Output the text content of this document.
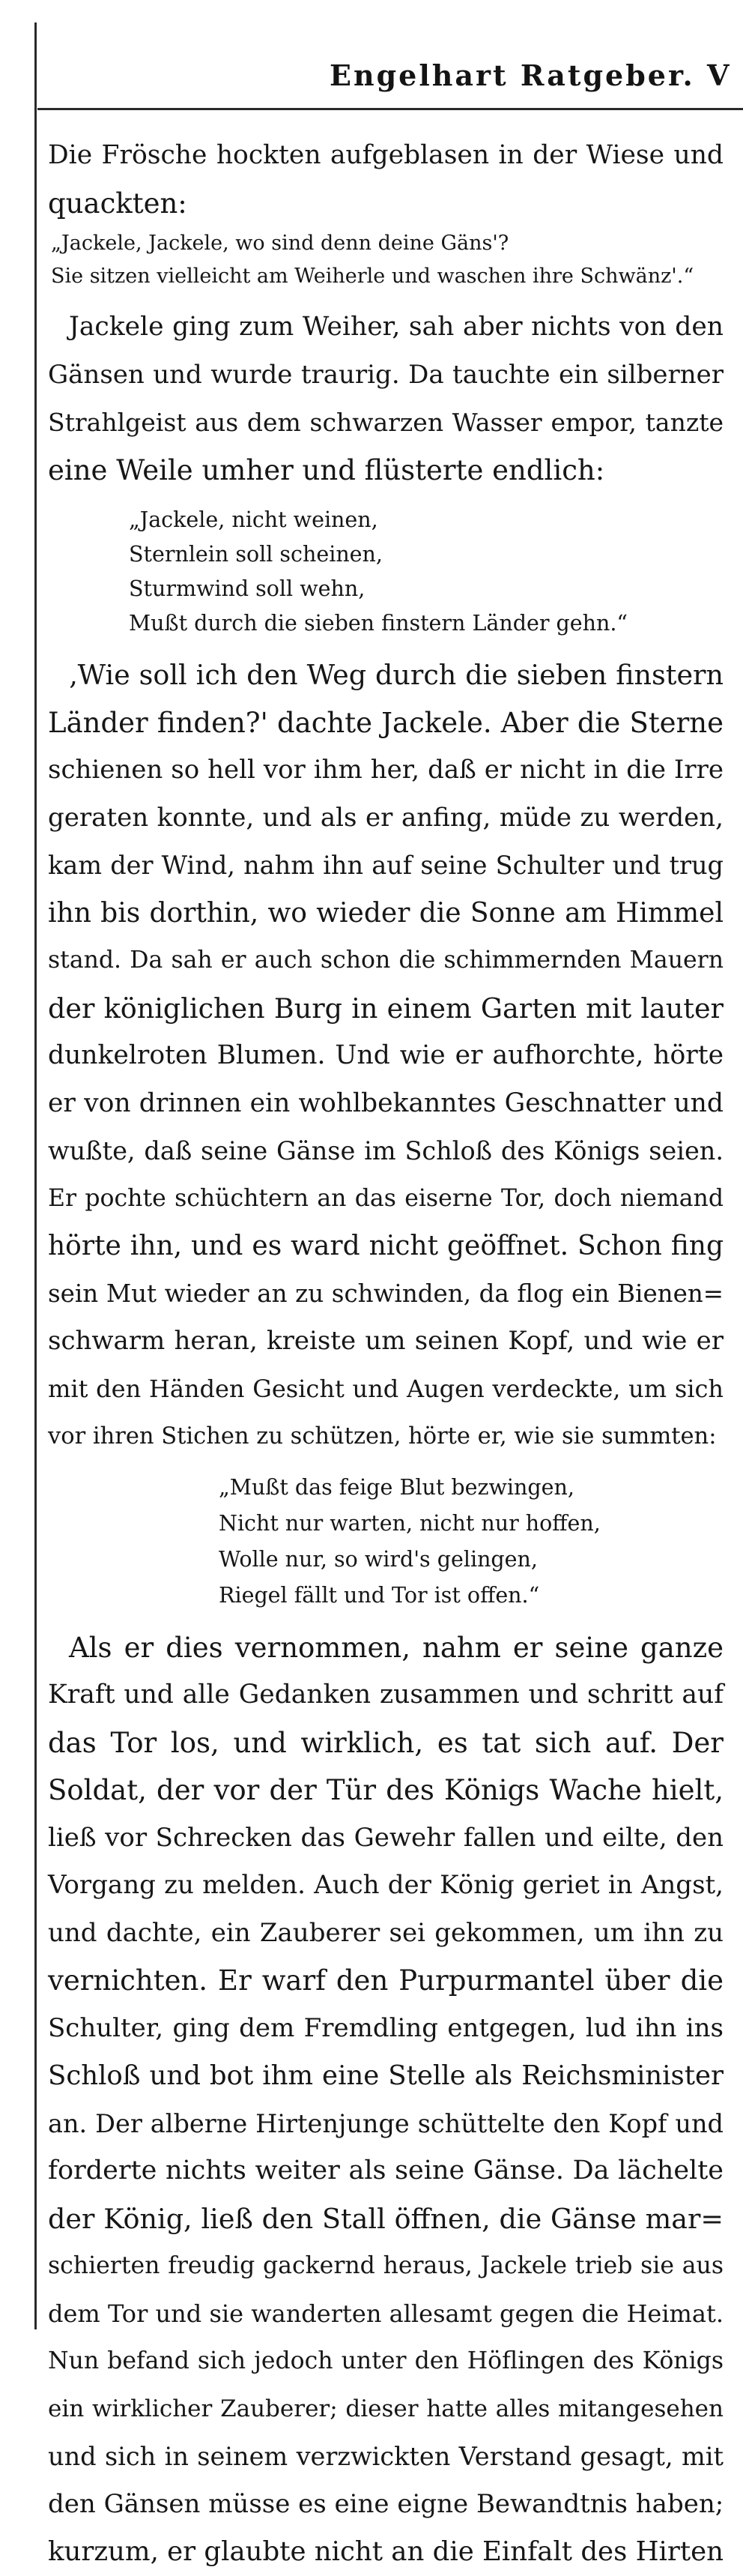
Engelhart Ratgeber. V
Die Frösche hockten aufgeblasen in der Wiese und
quackten:
„Jackele, Jackele, wo sind denn deine Gäns'?
Sie sitzen vielleicht am Weiherle und waschen ihre Schwänz'.“
Jackele ging zum Weiher, sah aber nichts von den
Gänsen und wurde traurig. Da tauchte ein silberner
Strahlgeist aus dem schwarzen Wasser empor, tanzte
eine Weile umher und flüsterte endlich:
„Jackele, nicht weinen,
Sternlein soll scheinen,
Sturmwind soll wehn,
Mußt durch die sieben finstern Länder gehn.“
‚Wie soll ich den Weg durch die sieben finstern
Länder finden?' dachte Jackele. Aber die Sterne
schienen so hell vor ihm her, daß er nicht in die Irre
geraten konnte, und als er anfing, müde zu werden,
kam der Wind, nahm ihn auf seine Schulter und trug
ihn bis dorthin, wo wieder die Sonne am Himmel
stand. Da sah er auch schon die schimmernden Mauern
der königlichen Burg in einem Garten mit lauter
dunkelroten Blumen. Und wie er aufhorchte, hörte
er von drinnen ein wohlbekanntes Geschnatter und
wußte, daß seine Gänse im Schloß des Königs seien.
Er pochte schüchtern an das eiserne Tor, doch niemand
hörte ihn, und es ward nicht geöffnet. Schon fing
sein Mut wieder an zu schwinden, da flog ein Bienen=
schwarm heran, kreiste um seinen Kopf, und wie er
mit den Händen Gesicht und Augen verdeckte, um sich
vor ihren Stichen zu schützen, hörte er, wie sie summten:
„Mußt das feige Blut bezwingen,
Nicht nur warten, nicht nur hoffen,
Wolle nur, so wird's gelingen,
Riegel fällt und Tor ist offen.“
Als er dies vernommen, nahm er seine ganze
Kraft und alle Gedanken zusammen und schritt auf
das Tor los, und wirklich, es tat sich auf. Der
Soldat, der vor der Tür des Königs Wache hielt,
ließ vor Schrecken das Gewehr fallen und eilte, den
Vorgang zu melden. Auch der König geriet in Angst,
und dachte, ein Zauberer sei gekommen, um ihn zu
vernichten. Er warf den Purpurmantel über die
Schulter, ging dem Fremdling entgegen, lud ihn ins
Schloß und bot ihm eine Stelle als Reichsminister
an. Der alberne Hirtenjunge schüttelte den Kopf und
forderte nichts weiter als seine Gänse. Da lächelte
der König, ließ den Stall öffnen, die Gänse mar=
schierten freudig gackernd heraus, Jackele trieb sie aus
dem Tor und sie wanderten allesamt gegen die Heimat.
Nun befand sich jedoch unter den Höflingen des Königs
ein wirklicher Zauberer; dieser hatte alles mitangesehen
und sich in seinem verzwickten Verstand gesagt, mit
den Gänsen müsse es eine eigne Bewandtnis haben;
kurzum, er glaubte nicht an die Einfalt des Hirten
